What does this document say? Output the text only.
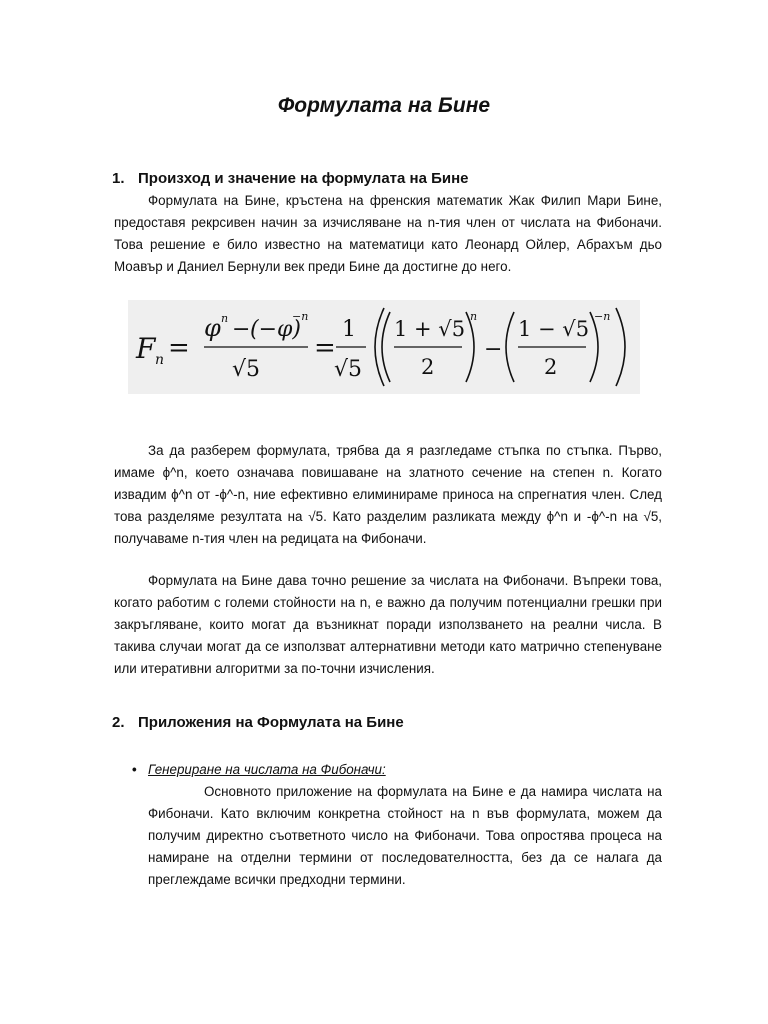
Формулата на Бине
1. Произход и значение на формулата на Бине
Формулата на Бине, кръстена на френския математик Жак Филип Мари Бине, предоставя рекрсивен начин за изчисляване на n-тия член от числата на Фибоначи. Това решение е било известно на математици като Леонард Ойлер, Абрахъм дьо Моавър и Даниел Бернули век преди Бине да достигне до него.
F n =
φ n − (−φ)
−n
√5
=
1
√5
1 + √5
2
n
−
1 − √5
2
−n
За да разберем формулата, трябва да я разгледаме стъпка по стъпка. Първо, имаме ϕ^n, което означава повишаване на златното сечение на степен n. Когато извадим ϕ^n от -ϕ^-n, ние ефективно елиминираме приноса на спрегнатия член. След това разделяме резултата на √5. Като разделим разликата между ϕ^n и -ϕ^-n на √5, получаваме n-тия член на редицата на Фибоначи.
Формулата на Бине дава точно решение за числата на Фибоначи. Въпреки това, когато работим с големи стойности на n, е важно да получим потенциални грешки при закръгляване, които могат да възникнат поради използването на реални числа. В такива случаи могат да се използват алтернативни методи като матрично степенуване или итеративни алгоритми за по-точни изчисления.
2. Приложения на Формулата на Бине
• Генериране на числата на Фибоначи:
Основното приложение на формулата на Бине е да намира числата на Фибоначи. Като включим конкретна стойност на n във формулата, можем да получим директно съответното число на Фибоначи. Това опростява процеса на намиране на отделни термини от последователността, без да се налага да преглеждаме всички предходни термини.
